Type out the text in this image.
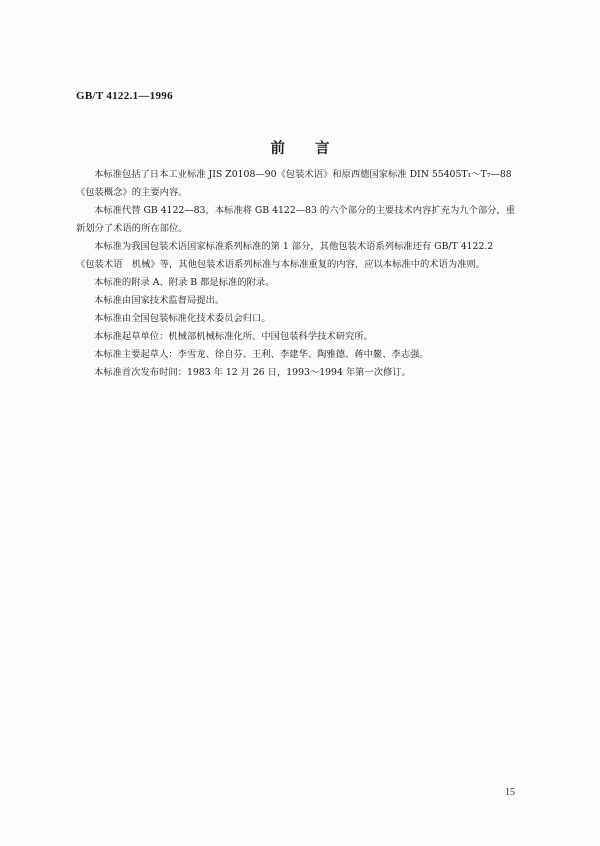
GB/T 4122.1—1996
前言

本标准包括了日本工业标准 JIS Z0108—90《包装术语》和原西德国家标准 DIN 55405T₁～T₇—88
《包装概念》的主要内容。

本标准代替 GB 4122—83，本标准将 GB 4122—83 的六个部分的主要技术内容扩充为九个部分，重
新划分了术语的所在部位。

本标准为我国包装术语国家标准系列标准的第 1 部分，其他包装术语系列标准还有 GB/T 4122.2
《包装术语　机械》等，其他包装术语系列标准与本标准重复的内容，应以本标准中的术语为准则。

本标准的附录 A、附录 B 都是标准的附录。

本标准由国家技术监督局提出。

本标准由全国包装标准化技术委员会归口。

本标准起草单位：机械部机械标准化所、中国包装科学技术研究所。

本标准主要起草人：李雪龙、徐自芬、王利、李建华、陶雅德、蒋中鳌、李志强。

本标准首次发布时间：1983 年 12 月 26 日，1993～1994 年第一次修订。

15
